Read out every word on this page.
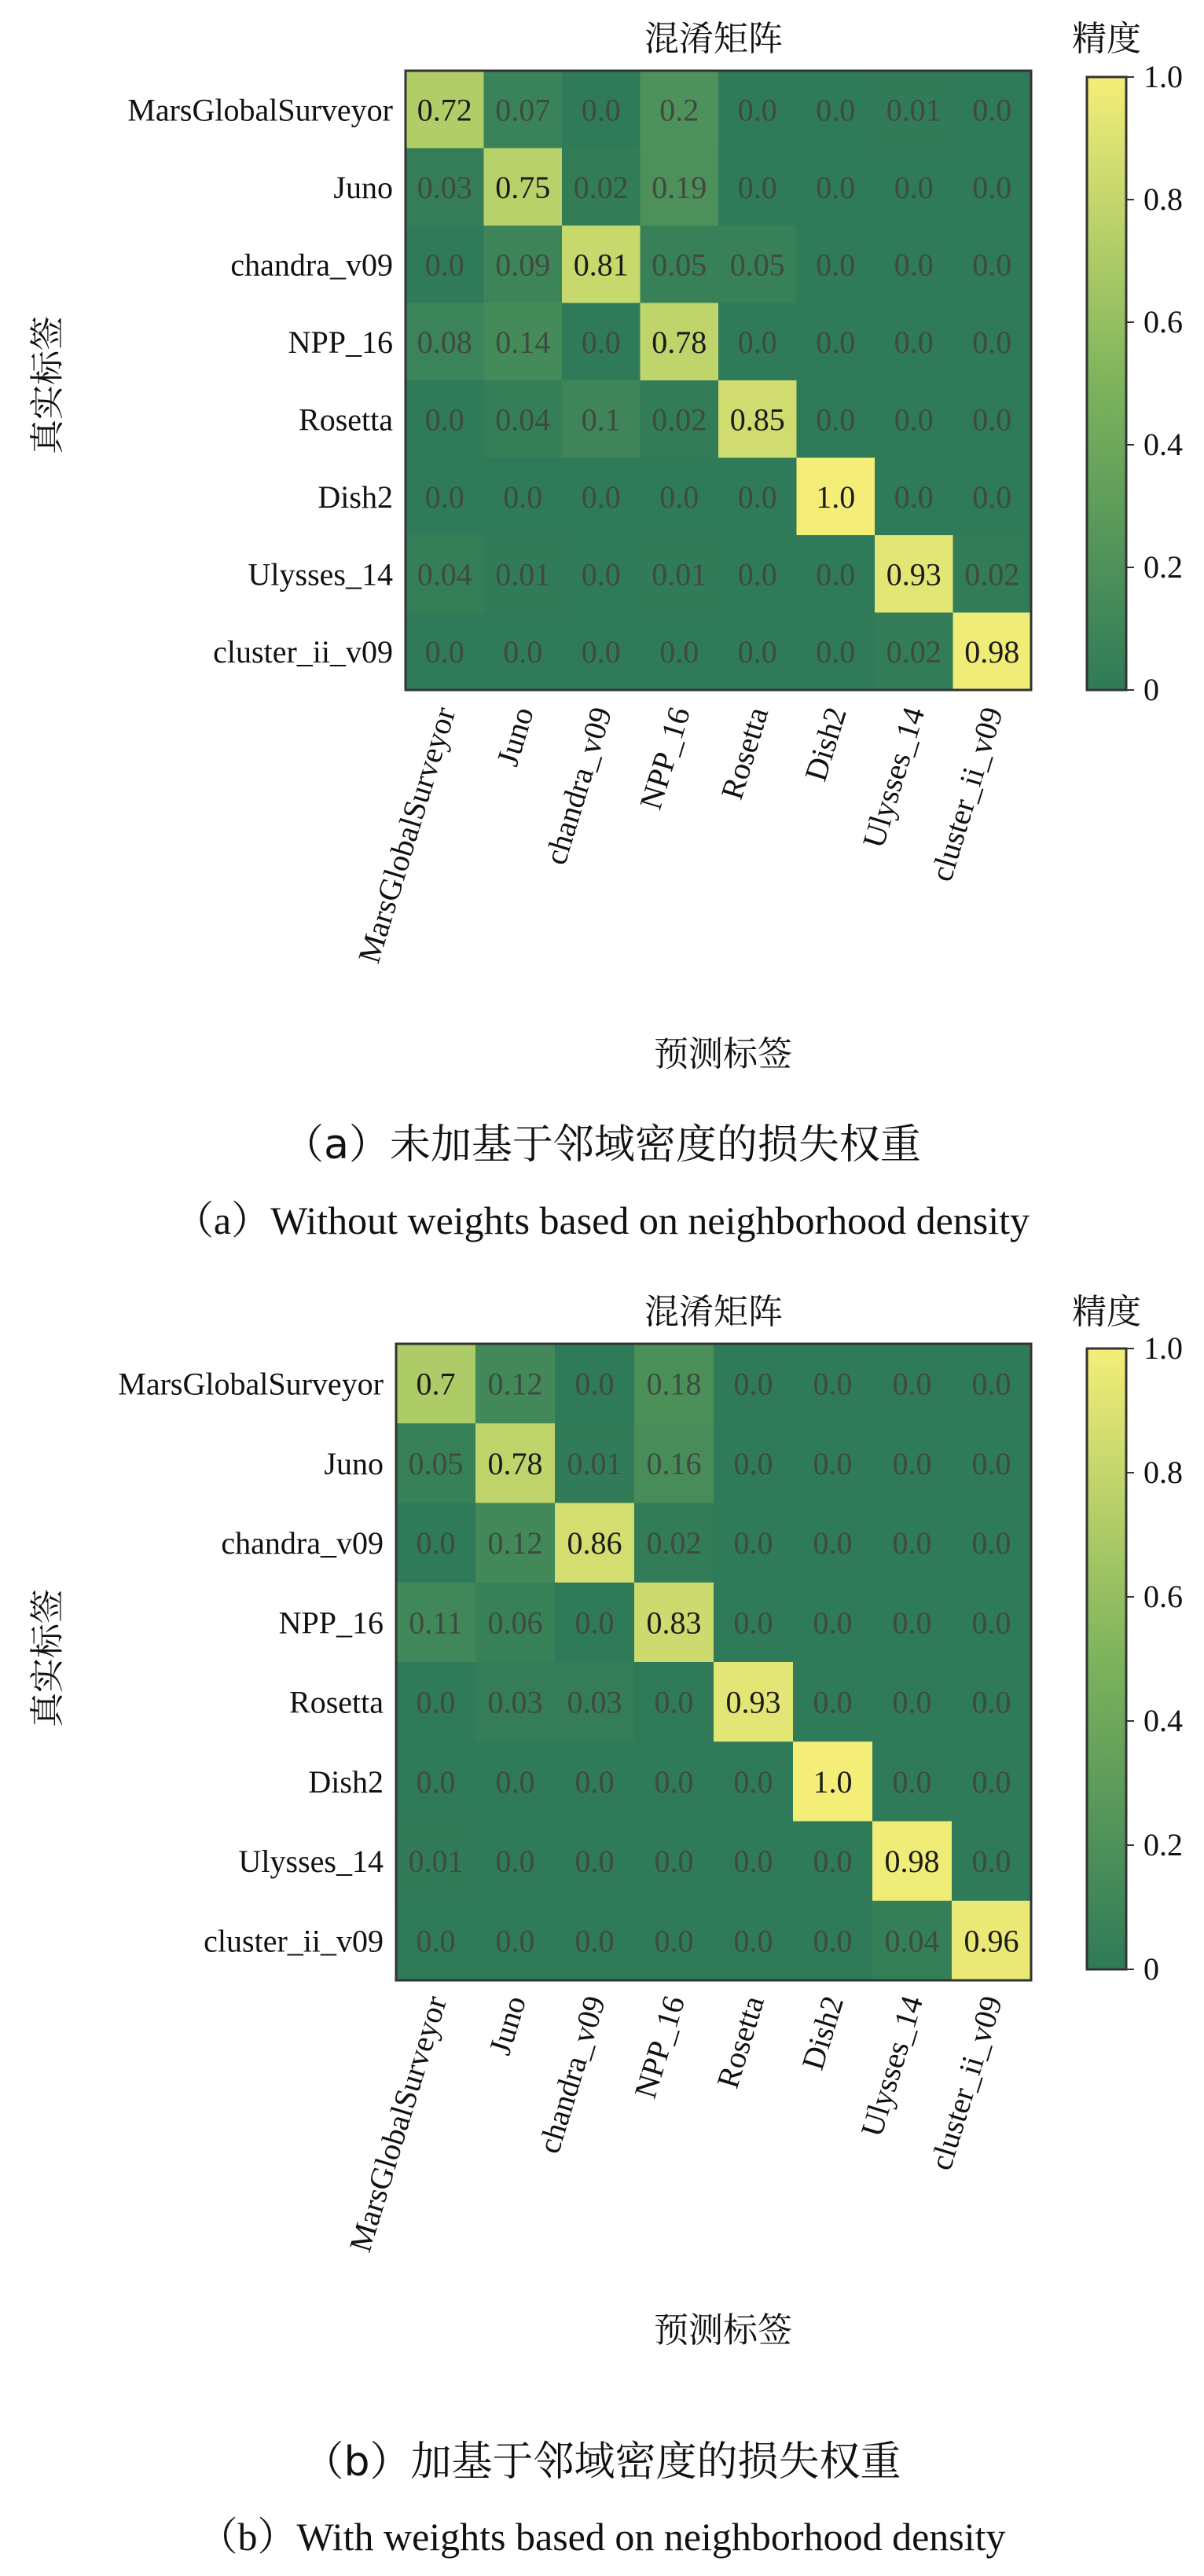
混淆矩阵	精度
真实标签
0.72 0.07 0.0 0.2 0.0 0.0 0.01 0.0
0.03 0.75 0.02 0.19 0.0 0.0 0.0 0.0
0.0 0.09 0.81 0.05 0.05 0.0 0.0 0.0
0.08 0.14 0.0 0.78 0.0 0.0 0.0 0.0
0.0 0.04 0.1 0.02 0.85 0.0 0.0 0.0
0.0 0.0 0.0 0.0 0.0 1.0 0.0 0.0
0.04 0.01 0.0 0.01 0.0 0.0 0.93 0.02
0.0 0.0 0.0 0.0 0.0 0.0 0.02 0.98
MarsGlobalSurveyor
Juno
chandra_v09
NPP_16
Rosetta
Dish2
Ulysses_14
cluster_ii_v09
MarsGlobalSurveyor Juno
chandra_v09 NPP_16 Rosetta Dish2 Ulysses_14
cluster_ii_v09
1.0
0.8
0.6
0.4
0.2
0
预测标签
（a）未加基于邻域密度的损失权重
（a）Without weights based on neighborhood density
混淆矩阵	精度
真实标签
0.7 0.12 0.0 0.18 0.0 0.0 0.0 0.0
0.05 0.78 0.01 0.16 0.0 0.0 0.0 0.0
0.0 0.12 0.86 0.02 0.0 0.0 0.0 0.0
0.11 0.06 0.0 0.83 0.0 0.0 0.0 0.0
0.0 0.03 0.03 0.0 0.93 0.0 0.0 0.0
0.0 0.0 0.0 0.0 0.0 1.0 0.0 0.0
0.01 0.0 0.0 0.0 0.0 0.0 0.98 0.0
0.0 0.0 0.0 0.0 0.0 0.0 0.04 0.96
MarsGlobalSurveyor
Juno
chandra_v09
NPP_16
Rosetta
Dish2
Ulysses_14
cluster_ii_v09
MarsGlobalSurveyor Juno
chandra_v09 NPP_16 Rosetta Dish2 Ulysses_14
cluster_ii_v09
1.0
0.8
0.6
0.4
0.2
0
预测标签
（b）加基于邻域密度的损失权重
（b）With weights based on neighborhood density
